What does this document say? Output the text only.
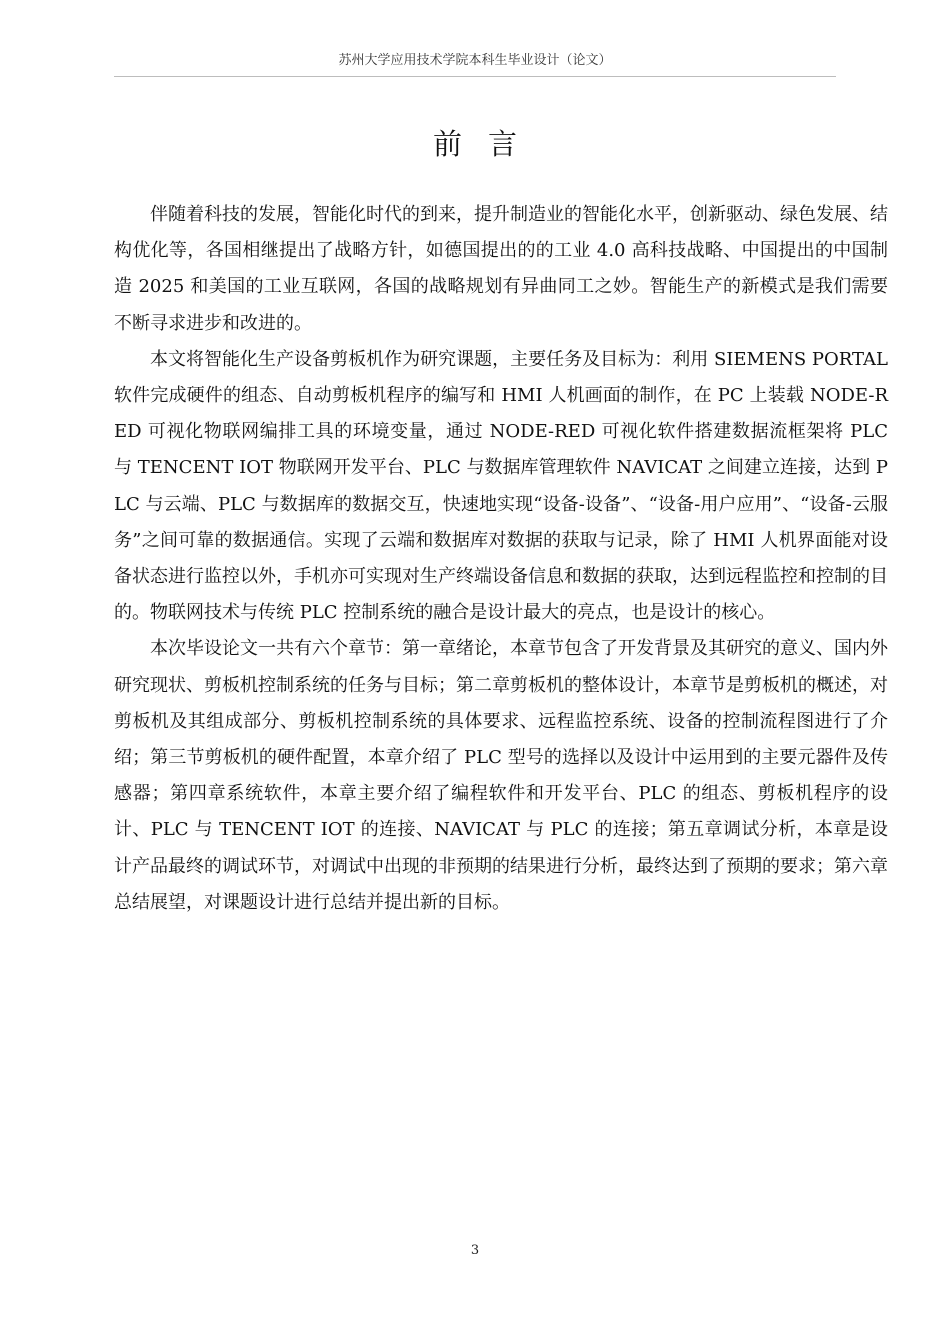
苏州大学应用技术学院本科生毕业设计（论文）
前言

伴随着科技的发展，智能化时代的到来，提升制造业的智能化水平，创新驱动、绿色发展、结构优化等，各国相继提出了战略方针，如德国提出的的工业 4.0 高科技战略、中国提出的中国制造 2025 和美国的工业互联网，各国的战略规划有异曲同工之妙。智能生产的新模式是我们需要不断寻求进步和改进的。

本文将智能化生产设备剪板机作为研究课题，主要任务及目标为：利用 SIEMENS PORTAL 软件完成硬件的组态、自动剪板机程序的编写和 HMI 人机画面的制作，在 PC 上装载 NODE-RED 可视化物联网编排工具的环境变量，通过 NODE-RED 可视化软件搭建数据流框架将 PLC 与 TENCENT IOT 物联网开发平台、PLC 与数据库管理软件 NAVICAT 之间建立连接，达到 PLC 与云端、PLC 与数据库的数据交互，快速地实现“设备-设备”、“设备-用户应用”、“设备-云服务”之间可靠的数据通信。实现了云端和数据库对数据的获取与记录，除了 HMI 人机界面能对设备状态进行监控以外，手机亦可实现对生产终端设备信息和数据的获取，达到远程监控和控制的目的。物联网技术与传统 PLC 控制系统的融合是设计最大的亮点，也是设计的核心。

本次毕设论文一共有六个章节：第一章绪论，本章节包含了开发背景及其研究的意义、国内外研究现状、剪板机控制系统的任务与目标；第二章剪板机的整体设计，本章节是剪板机的概述，对剪板机及其组成部分、剪板机控制系统的具体要求、远程监控系统、设备的控制流程图进行了介绍；第三节剪板机的硬件配置，本章介绍了 PLC 型号的选择以及设计中运用到的主要元器件及传感器；第四章系统软件，本章主要介绍了编程软件和开发平台、PLC 的组态、剪板机程序的设计、PLC 与 TENCENT IOT 的连接、NAVICAT 与 PLC 的连接；第五章调试分析，本章是设计产品最终的调试环节，对调试中出现的非预期的结果进行分析，最终达到了预期的要求；第六章总结展望，对课题设计进行总结并提出新的目标。

3
